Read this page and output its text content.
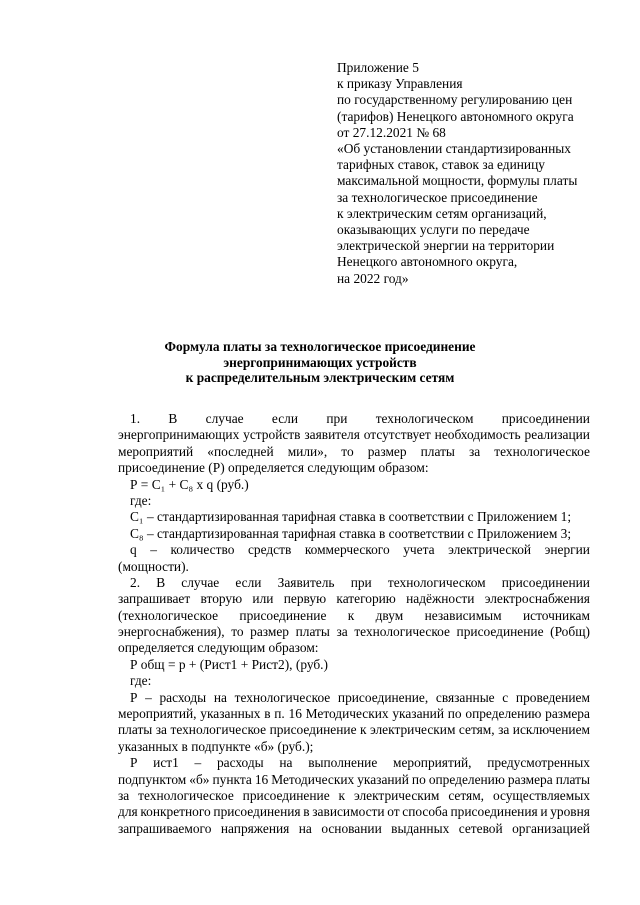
Приложение 5
к приказу Управления
по государственному регулированию цен
(тарифов) Ненецкого автономного округа
от 27.12.2021 № 68
«Об установлении стандартизированных
тарифных ставок, ставок за единицу
максимальной мощности, формулы платы
за технологическое присоединение
к электрическим сетям организаций,
оказывающих услуги по передаче
электрической энергии на территории
Ненецкого автономного округа,
на 2022 год»
Формула платы за технологическое присоединение
энергопринимающих устройств
к распределительным электрическим сетям
1. В случае если при технологическом присоединении
энергопринимающих устройств заявителя отсутствует необходимость реализации
мероприятий «последней мили», то размер платы за технологическое
присоединение (Р) определяется следующим образом:
Р = С₁ + С₈ x q (руб.)
где:
С₁ – стандартизированная тарифная ставка в соответствии с Приложением 1;
С₈ – стандартизированная тарифная ставка в соответствии с Приложением 3;
q – количество средств коммерческого учета электрической энергии
(мощности).
2. В случае если Заявитель при технологическом присоединении
запрашивает вторую или первую категорию надёжности электроснабжения
(технологическое присоединение к двум независимым источникам
энергоснабжения), то размер платы за технологическое присоединение (Робщ)
определяется следующим образом:
Р общ = р + (Рист1 + Рист2), (руб.)
где:
Р – расходы на технологическое присоединение, связанные с проведением
мероприятий, указанных в п. 16 Методических указаний по определению размера
платы за технологическое присоединение к электрическим сетям, за исключением
указанных в подпункте «б» (руб.);
Р ист1 – расходы на выполнение мероприятий, предусмотренных
подпунктом «б» пункта 16 Методических указаний по определению размера платы
за технологическое присоединение к электрическим сетям, осуществляемых
для конкретного присоединения в зависимости от способа присоединения и уровня
запрашиваемого напряжения на основании выданных сетевой организацией
